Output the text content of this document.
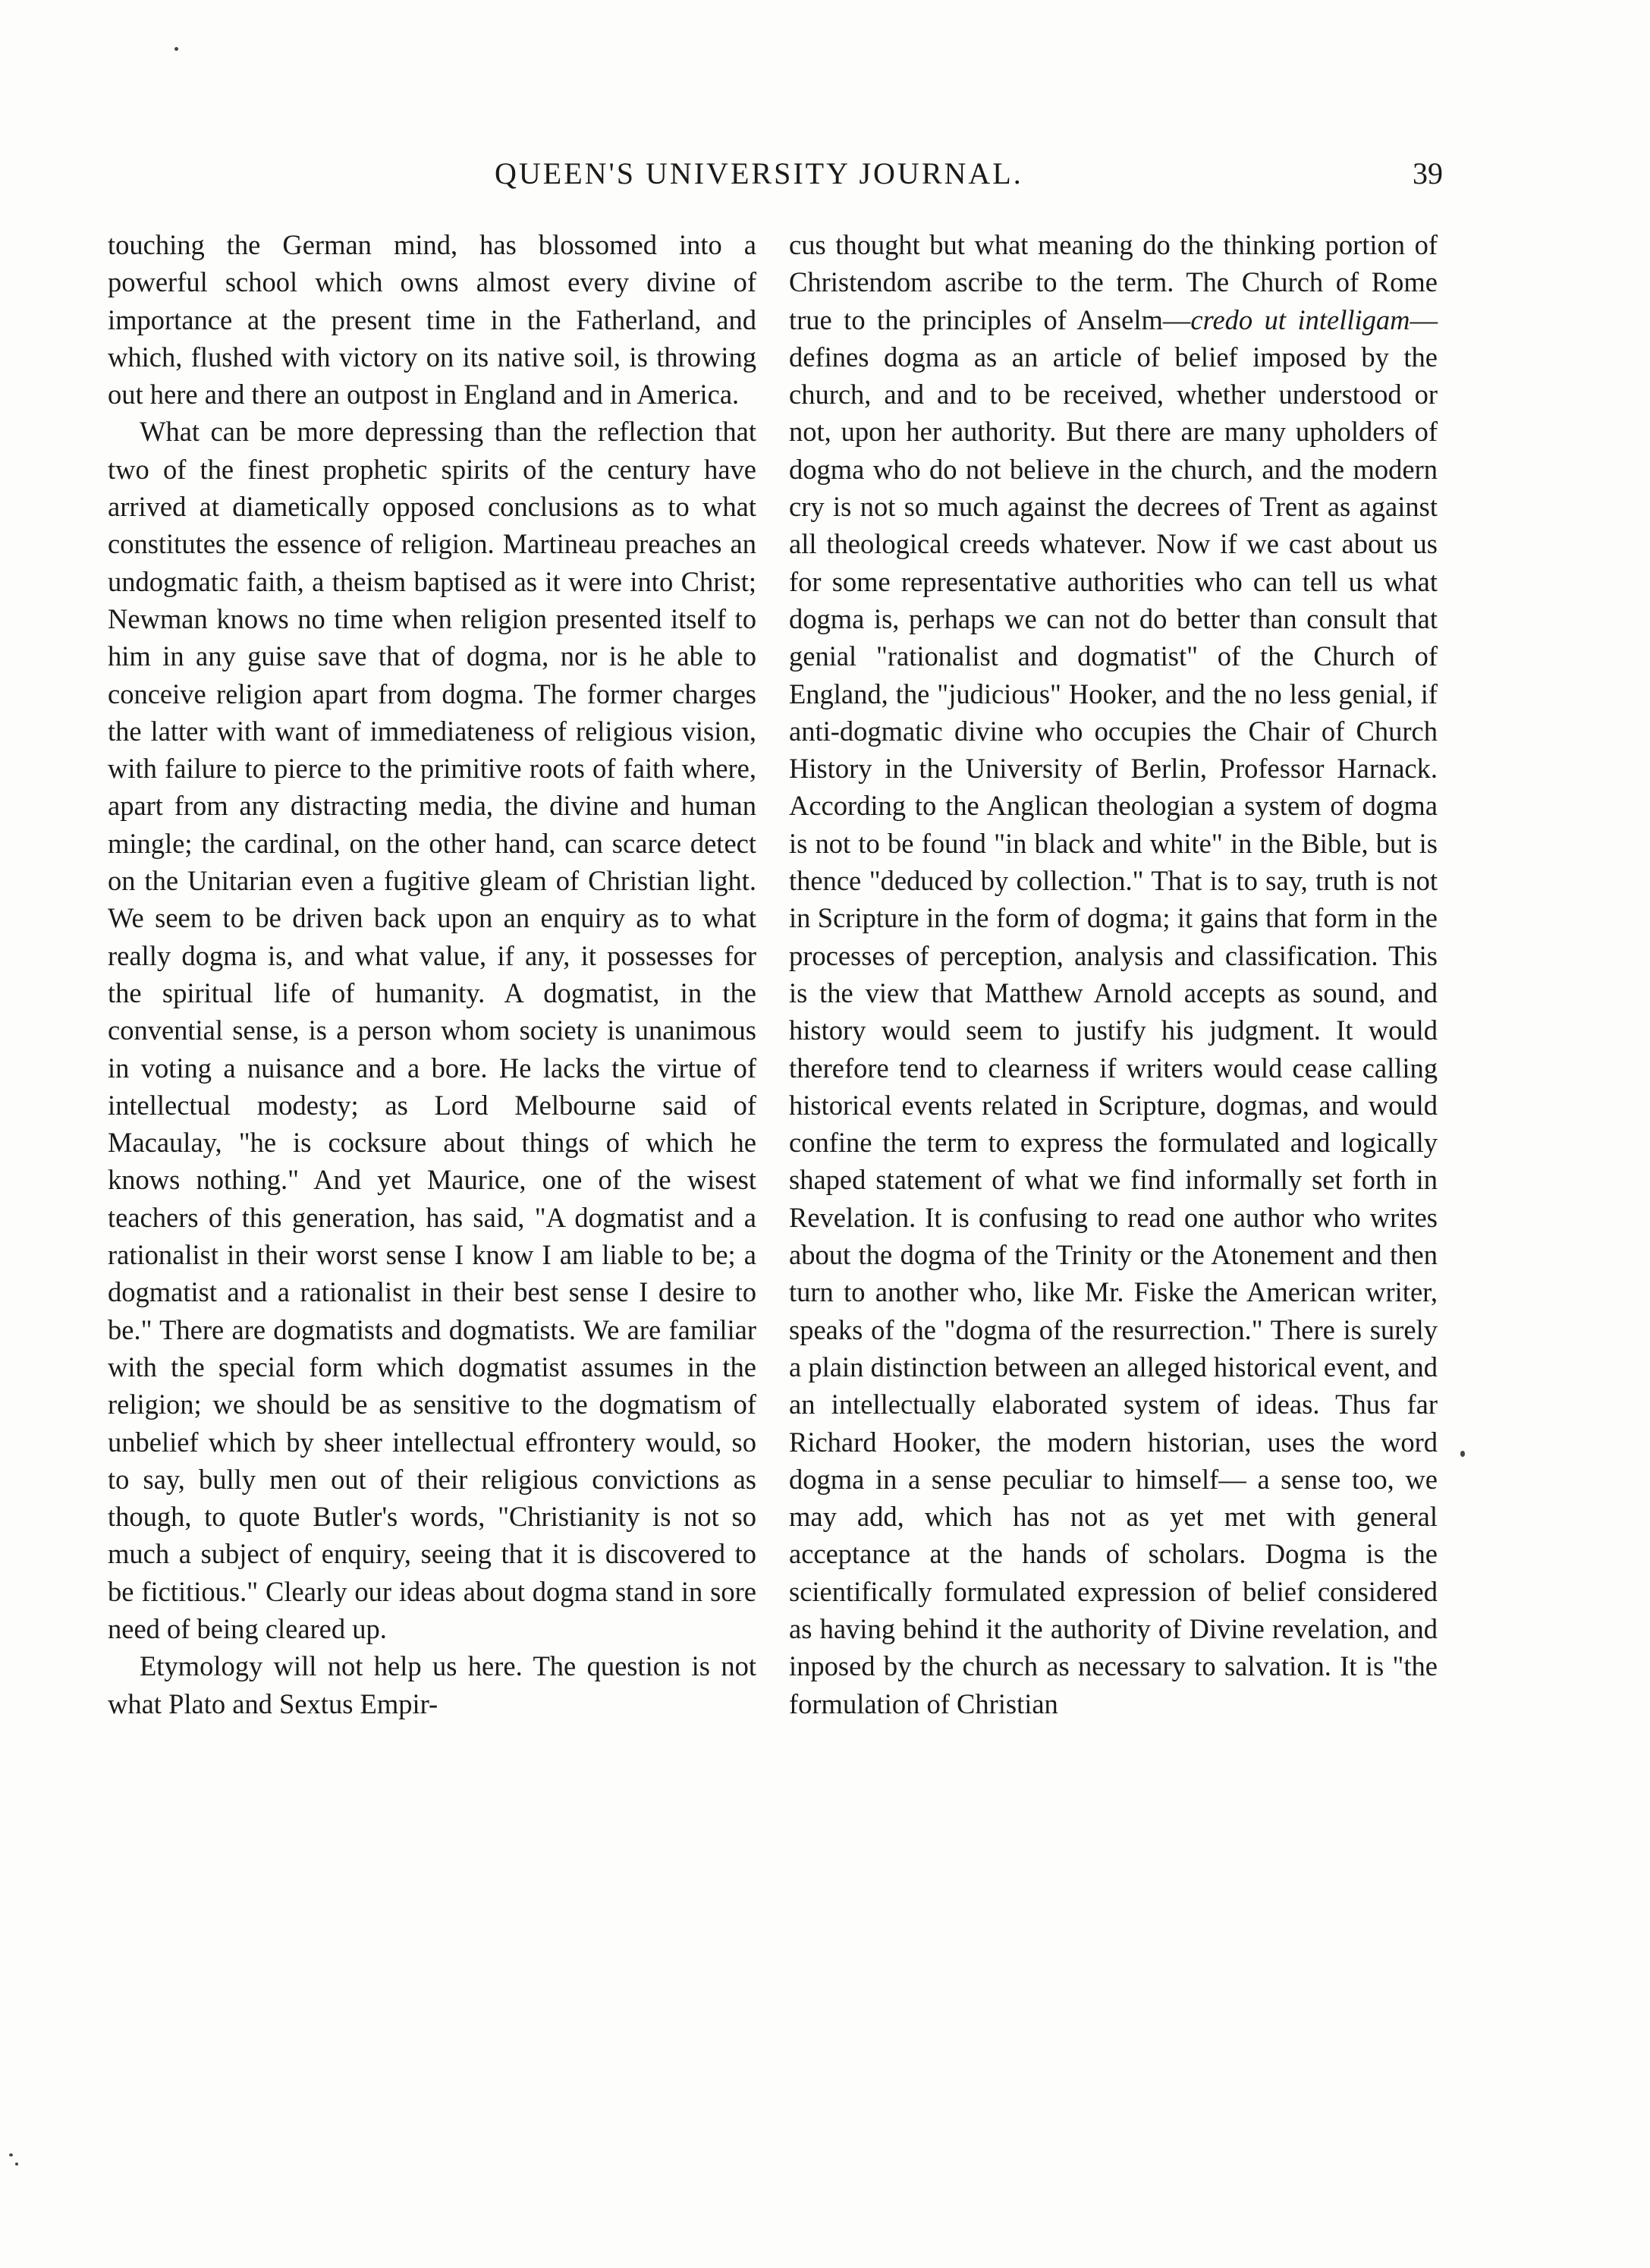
QUEEN'S UNIVERSITY JOURNAL.	39

touching the German mind, has blossomed into a powerful school which owns almost every divine of importance at the present time in the Fatherland, and which, flushed with victory on its native soil, is throwing out here and there an outpost in England and in America.

What can be more depressing than the reflection that two of the finest prophetic spirits of the century have arrived at diametically opposed conclusions as to what constitutes the essence of religion. Martineau preaches an undogmatic faith, a theism baptised as it were into Christ; Newman knows no time when religion presented itself to him in any guise save that of dogma, nor is he able to conceive religion apart from dogma. The former charges the latter with want of immediateness of religious vision, with failure to pierce to the primitive roots of faith where, apart from any distracting media, the divine and human mingle; the cardinal, on the other hand, can scarce detect on the Unitarian even a fugitive gleam of Christian light. We seem to be driven back upon an enquiry as to what really dogma is, and what value, if any, it possesses for the spiritual life of humanity. A dogmatist, in the convential sense, is a person whom society is unanimous in voting a nuisance and a bore. He lacks the virtue of intellectual modesty; as Lord Melbourne said of Macaulay, "he is cocksure about things of which he knows nothing." And yet Maurice, one of the wisest teachers of this generation, has said, "A dogmatist and a rationalist in their worst sense I know I am liable to be; a dogmatist and a rationalist in their best sense I desire to be." There are dogmatists and dogmatists. We are familiar with the special form which dogmatist assumes in the religion; we should be as sensitive to the dogmatism of unbelief which by sheer intellectual effrontery would, so to say, bully men out of their religious convictions as though, to quote Butler's words, "Christianity is not so much a subject of enquiry, seeing that it is discovered to be fictitious." Clearly our ideas about dogma stand in sore need of being cleared up.

Etymology will not help us here. The question is not what Plato and Sextus Empir-

cus thought but what meaning do the thinking portion of Christendom ascribe to the term. The Church of Rome true to the principles of Anselm—credo ut intelligam—defines dogma as an article of belief imposed by the church, and and to be received, whether understood or not, upon her authority. But there are many upholders of dogma who do not believe in the church, and the modern cry is not so much against the decrees of Trent as against all theological creeds whatever. Now if we cast about us for some representative authorities who can tell us what dogma is, perhaps we can not do better than consult that genial "rationalist and dogmatist" of the Church of England, the "judicious" Hooker, and the no less genial, if anti-dogmatic divine who occupies the Chair of Church History in the University of Berlin, Professor Harnack. According to the Anglican theologian a system of dogma is not to be found "in black and white" in the Bible, but is thence "deduced by collection." That is to say, truth is not in Scripture in the form of dogma; it gains that form in the processes of perception, analysis and classification. This is the view that Matthew Arnold accepts as sound, and history would seem to justify his judgment. It would therefore tend to clearness if writers would cease calling historical events related in Scripture, dogmas, and would confine the term to express the formulated and logically shaped statement of what we find informally set forth in Revelation. It is confusing to read one author who writes about the dogma of the Trinity or the Atonement and then turn to another who, like Mr. Fiske the American writer, speaks of the "dogma of the resurrection." There is surely a plain distinction between an alleged historical event, and an intellectually elaborated system of ideas. Thus far Richard Hooker, the modern historian, uses the word dogma in a sense peculiar to himself— a sense too, we may add, which has not as yet met with general acceptance at the hands of scholars. Dogma is the scientifically formulated expression of belief considered as having behind it the authority of Divine revelation, and inposed by the church as necessary to salvation. It is "the formulation of Christian
